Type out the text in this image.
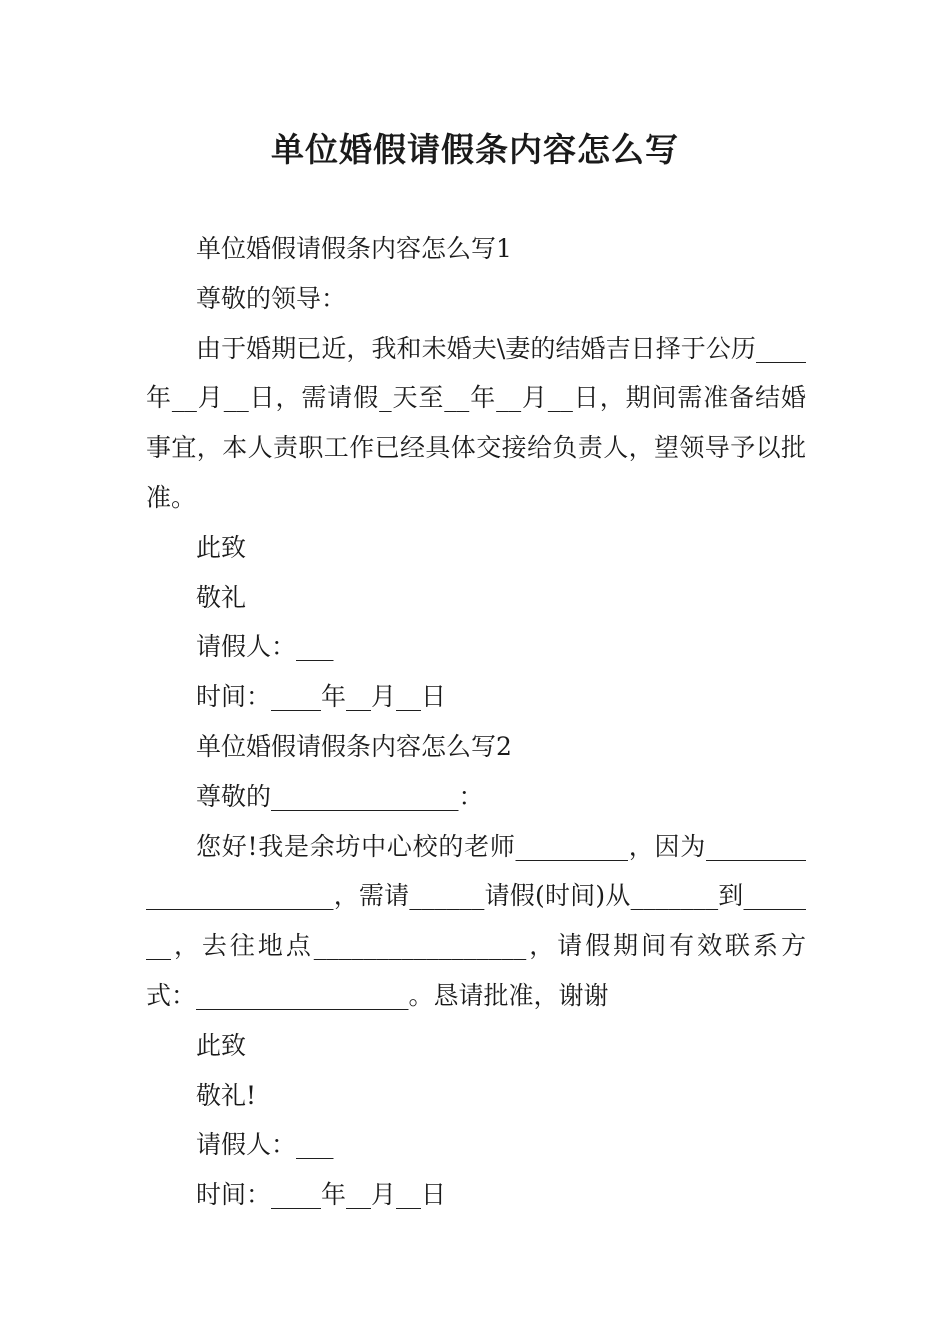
单位婚假请假条内容怎么写

单位婚假请假条内容怎么写1

尊敬的领导：

由于婚期已近，我和未婚夫\妻的结婚吉日择于公历____年__月__日，需请假_天至__年__月__日，期间需准备结婚事宜，本人责职工作已经具体交接给负责人，望领导予以批准。

此致

敬礼

请假人：___

时间：____年__月__日

单位婚假请假条内容怎么写2

尊敬的_______________：

您好!我是余坊中心校的老师_________，因为_______________________，需请______请假(时间)从_______到_______，去往地点_________________，请假期间有效联系方式：_________________。恳请批准，谢谢

此致

敬礼!

请假人：___

时间：____年__月__日
